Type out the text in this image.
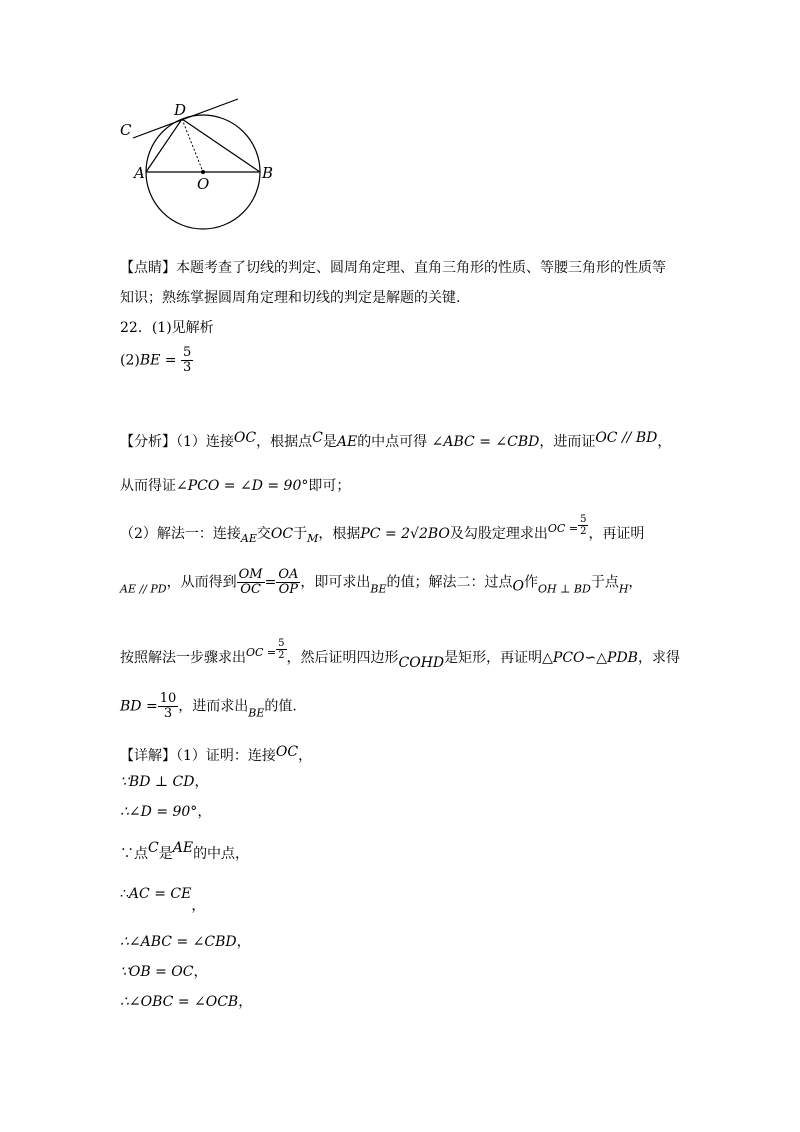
C
D
A
O
B
【点睛】本题考查了切线的判定、圆周角定理、直角三角形的性质、等腰三角形的性质等
知识；熟练掌握圆周角定理和切线的判定是解题的关键.
22．(1)见解析
$(2)BE = \frac{5}{3}$
【分析】（1）连接OC，根据点C是AE的中点可得 ∠ABC = ∠CBD，进而证OC // BD，
从而得证∠PCO = ∠D = 90°即可；
（2）解法一：连接$_{AE}$交OC于$_M$，根据PC = 2√2BO及勾股定理求出$^{OC =} \frac{5}{2}$ ，再证明
$_{AE // PD}$，从而得到 $\frac{OM}{OC} = \frac{OA}{OP}$ ，即可求出$_{BE}$的值；解法二：过点O作$_{OH \perp BD}$于点$_H$，
按照解法一步骤求出$^{OC =} \frac{5}{2}$ ，然后证明四边形COHD是矩形，再证明△PCO∽△PDB，求得
BD = $\frac{10}{3}$ ，进而求出$_{BE}$的值.
【详解】（1）证明：连接OC，
∵BD ⊥ CD，
∴∠D = 90°，
∵点C是AE的中点，
∴AC = CE，
∴∠ABC = ∠CBD，
∵OB = OC，
∴∠OBC = ∠OCB，
